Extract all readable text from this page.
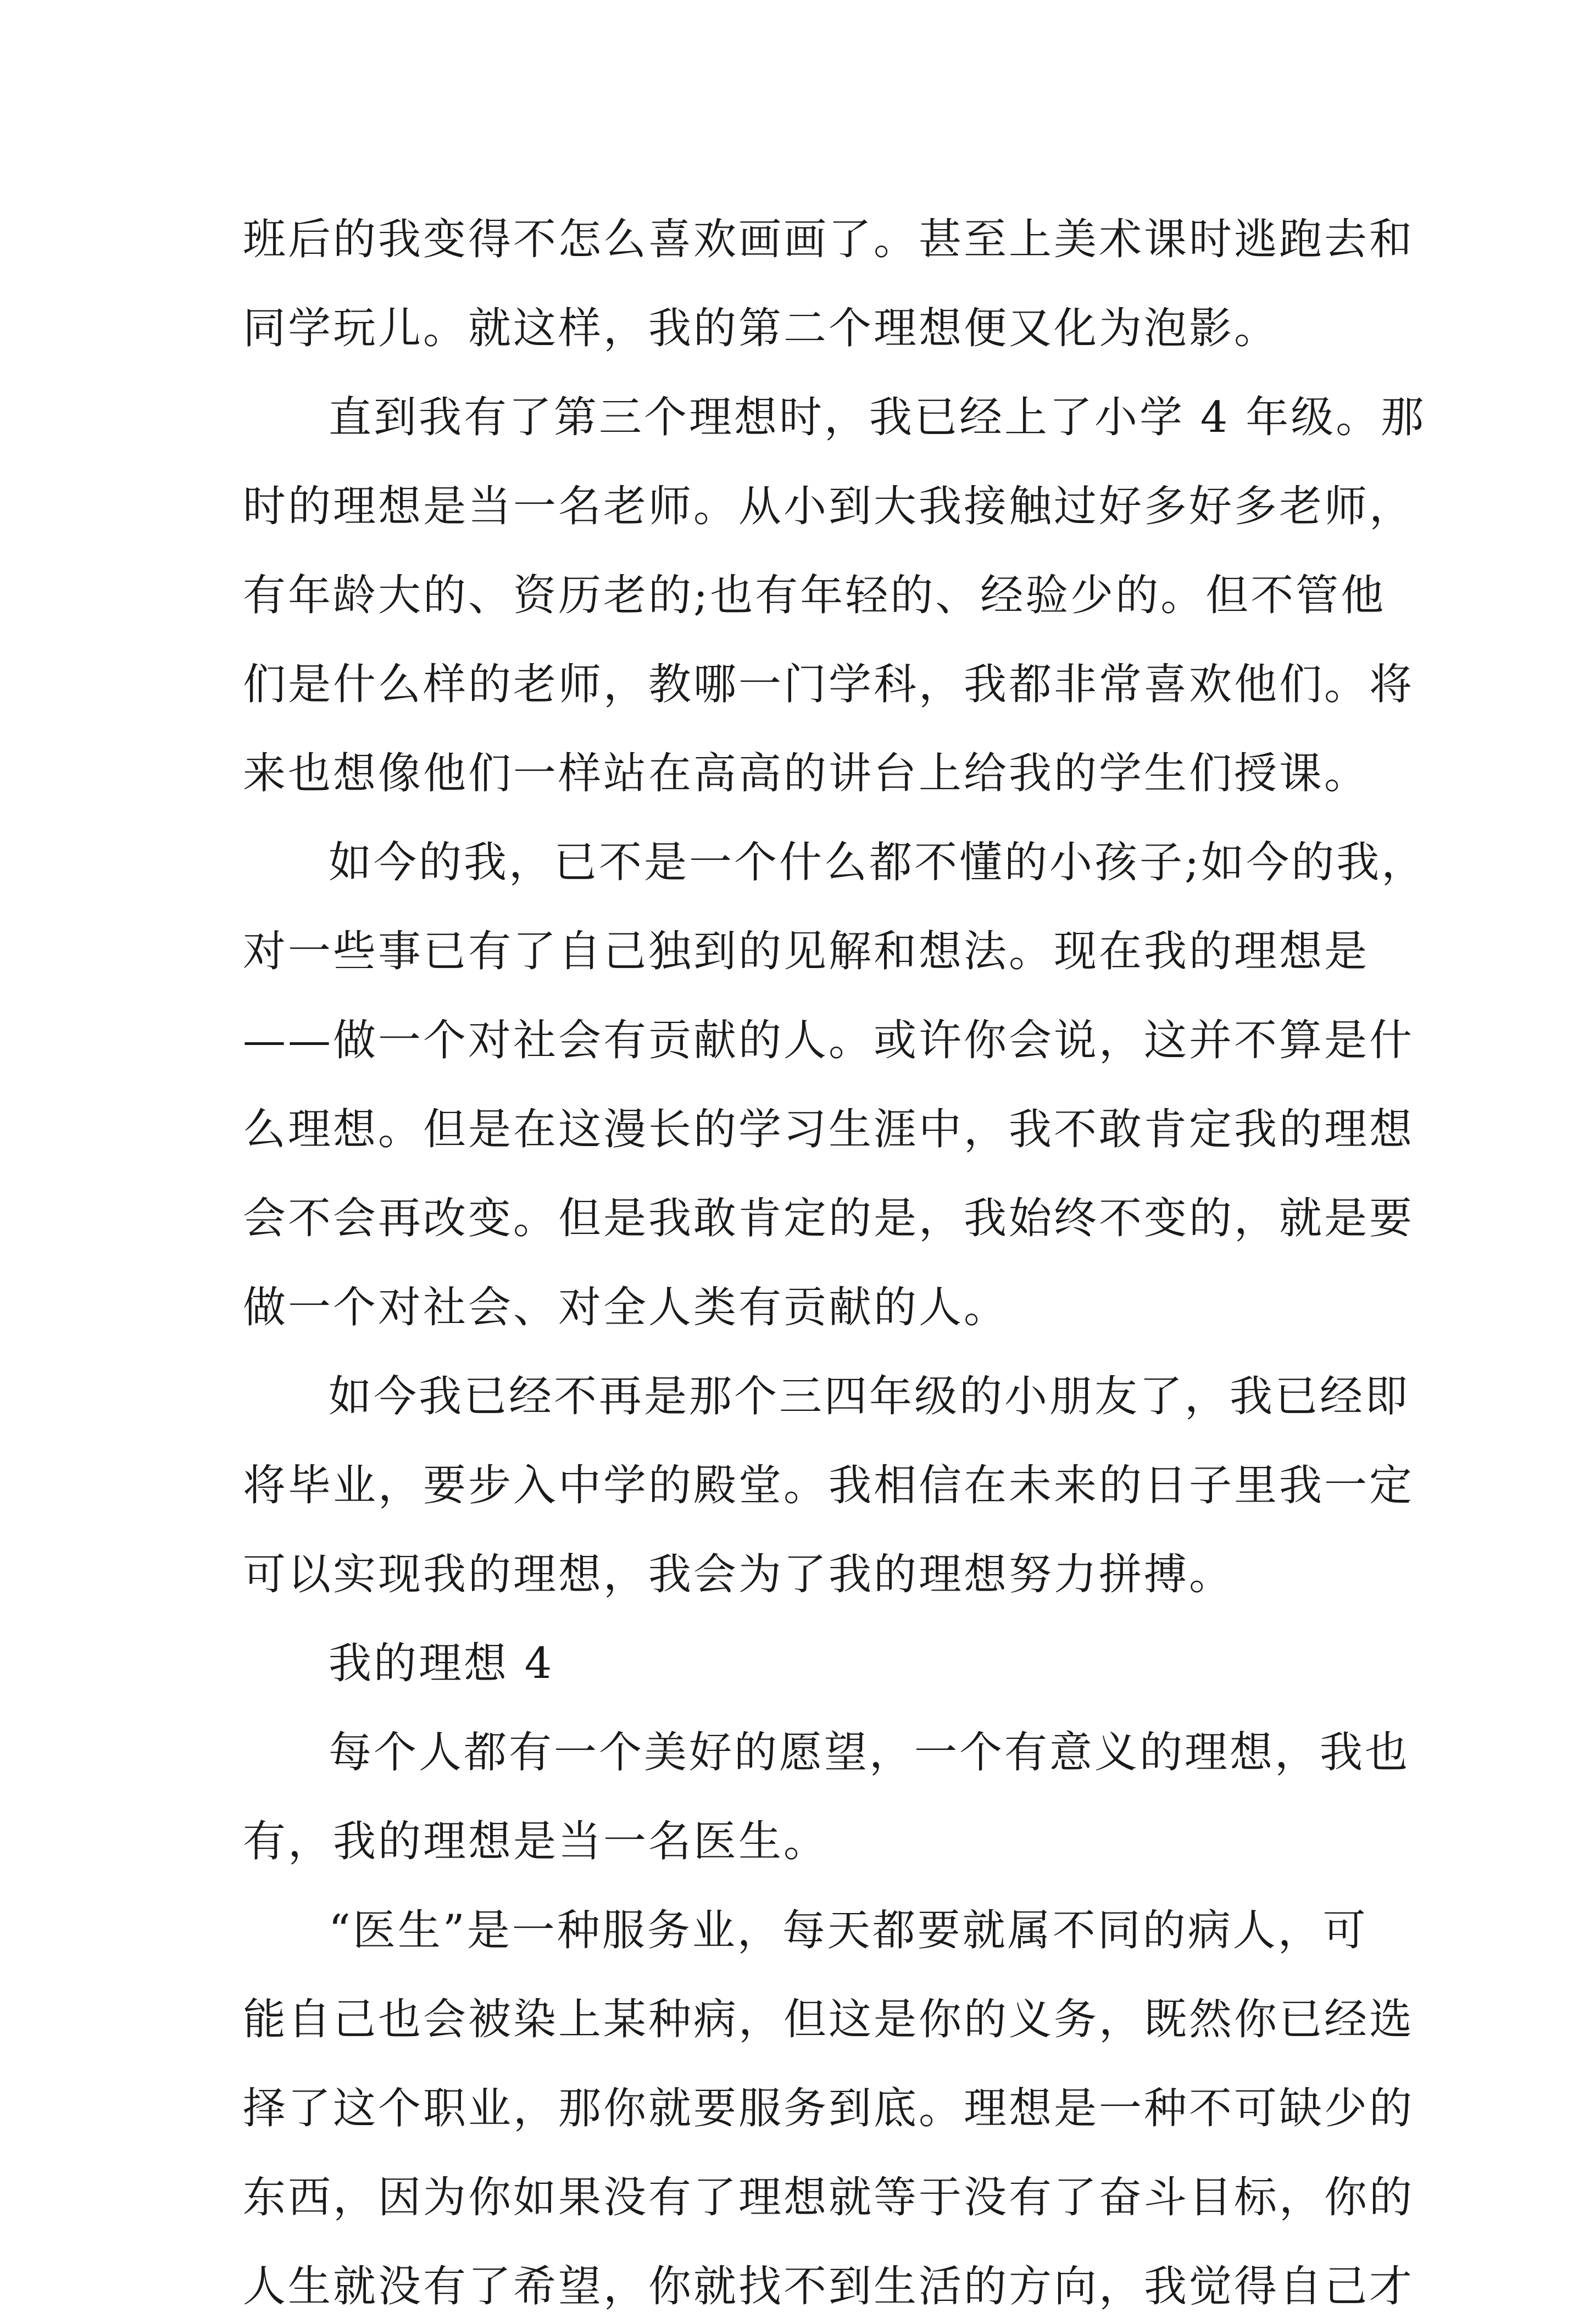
班后的我变得不怎么喜欢画画了。甚至上美术课时逃跑去和
同学玩儿。就这样，我的第二个理想便又化为泡影。
直到我有了第三个理想时，我已经上了小学 4 年级。那
时的理想是当一名老师。从小到大我接触过好多好多老师，
有年龄大的、资历老的;也有年轻的、经验少的。但不管他
们是什么样的老师，教哪一门学科，我都非常喜欢他们。将
来也想像他们一样站在高高的讲台上给我的学生们授课。
如今的我，已不是一个什么都不懂的小孩子;如今的我，
对一些事已有了自己独到的见解和想法。现在我的理想是
——做一个对社会有贡献的人。或许你会说，这并不算是什
么理想。但是在这漫长的学习生涯中，我不敢肯定我的理想
会不会再改变。但是我敢肯定的是，我始终不变的，就是要
做一个对社会、对全人类有贡献的人。
如今我已经不再是那个三四年级的小朋友了，我已经即
将毕业，要步入中学的殿堂。我相信在未来的日子里我一定
可以实现我的理想，我会为了我的理想努力拼搏。
我的理想 4
每个人都有一个美好的愿望，一个有意义的理想，我也
有，我的理想是当一名医生。
“医生”是一种服务业，每天都要就属不同的病人，可
能自己也会被染上某种病，但这是你的义务，既然你已经选
择了这个职业，那你就要服务到底。理想是一种不可缺少的
东西，因为你如果没有了理想就等于没有了奋斗目标，你的
人生就没有了希望，你就找不到生活的方向，我觉得自己才
